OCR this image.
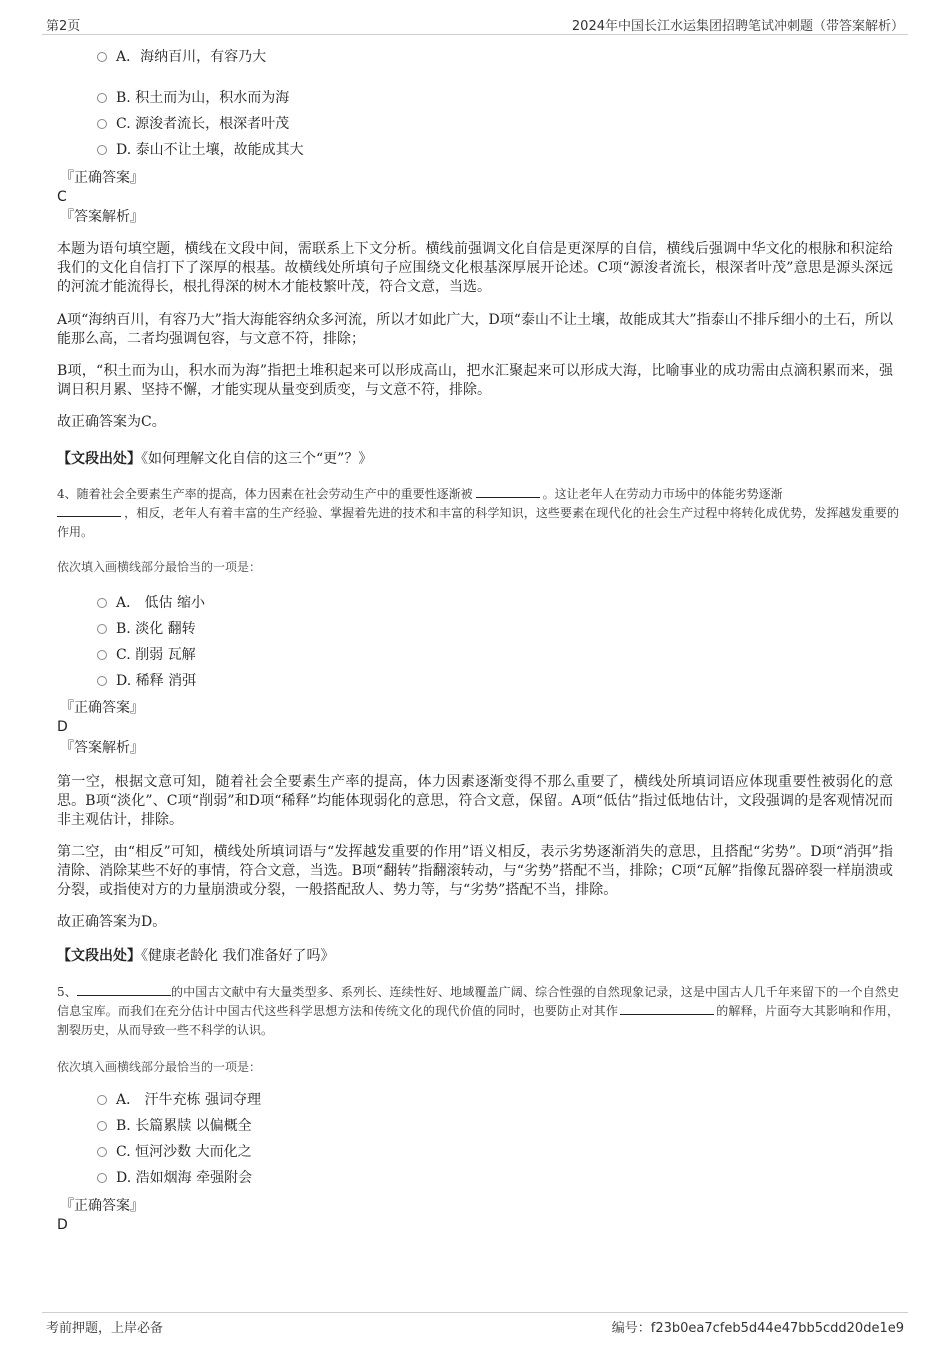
第2页	2024年中国长江水运集团招聘笔试冲刺题（带答案解析）
A．海纳百川，有容乃大
B. 积土而为山，积水而为海
C. 源浚者流长，根深者叶茂
D. 泰山不让土壤，故能成其大
『正确答案』
C
『答案解析』
本题为语句填空题，横线在文段中间，需联系上下文分析。横线前强调文化自信是更深厚的自信，横线后强调中华文化的根脉和积淀给我们的文化自信打下了深厚的根基。故横线处所填句子应围绕文化根基深厚展开论述。C项“源浚者流长，根深者叶茂”意思是源头深远的河流才能流得长，根扎得深的树木才能枝繁叶茂，符合文意，当选。
A项“海纳百川，有容乃大”指大海能容纳众多河流，所以才如此广大，D项“泰山不让土壤，故能成其大”指泰山不排斥细小的土石，所以能那么高，二者均强调包容，与文意不符，排除；
B项，“积土而为山，积水而为海”指把土堆积起来可以形成高山，把水汇聚起来可以形成大海，比喻事业的成功需由点滴积累而来，强调日积月累、坚持不懈，才能实现从量变到质变，与文意不符，排除。
故正确答案为C。
【文段出处】《如何理解文化自信的这三个“更”？》
4、随着社会全要素生产率的提高，体力因素在社会劳动生产中的重要性逐渐被	。这让老年人在劳动力市场中的体能劣势逐渐
，相反，老年人有着丰富的生产经验、掌握着先进的技术和丰富的科学知识，这些要素在现代化的社会生产过程中将转化成优势，发挥越发重要的作用。
依次填入画横线部分最恰当的一项是：
A． 低估 缩小
B. 淡化 翻转
C. 削弱 瓦解
D. 稀释 消弭
『正确答案』
D
『答案解析』
第一空，根据文意可知，随着社会全要素生产率的提高，体力因素逐渐变得不那么重要了，横线处所填词语应体现重要性被弱化的意思。B项“淡化”、C项“削弱”和D项“稀释”均能体现弱化的意思，符合文意，保留。A项“低估”指过低地估计，文段强调的是客观情况而非主观估计，排除。
第二空，由“相反”可知，横线处所填词语与“发挥越发重要的作用”语义相反，表示劣势逐渐消失的意思，且搭配“劣势”。D项“消弭”指清除、消除某些不好的事情，符合文意，当选。B项“翻转”指翻滚转动，与“劣势”搭配不当，排除；C项“瓦解”指像瓦器碎裂一样崩溃或分裂，或指使对方的力量崩溃或分裂，一般搭配敌人、势力等，与“劣势”搭配不当，排除。
故正确答案为D。
【文段出处】《健康老龄化 我们准备好了吗》
5、	的中国古文献中有大量类型多、系列长、连续性好、地域覆盖广阔、综合性强的自然现象记录，这是中国古人几千年来留下的一个自然史信息宝库。而我们在充分估计中国古代这些科学思想方法和传统文化的现代价值的同时，也要防止对其作	的解释，片面夸大其影响和作用，割裂历史，从而导致一些不科学的认识。
依次填入画横线部分最恰当的一项是：
A． 汗牛充栋 强词夺理
B. 长篇累牍 以偏概全
C. 恒河沙数 大而化之
D. 浩如烟海 牵强附会
『正确答案』
D
考前押题，上岸必备	编号：f23b0ea7cfeb5d44e47bb5cdd20de1e9
